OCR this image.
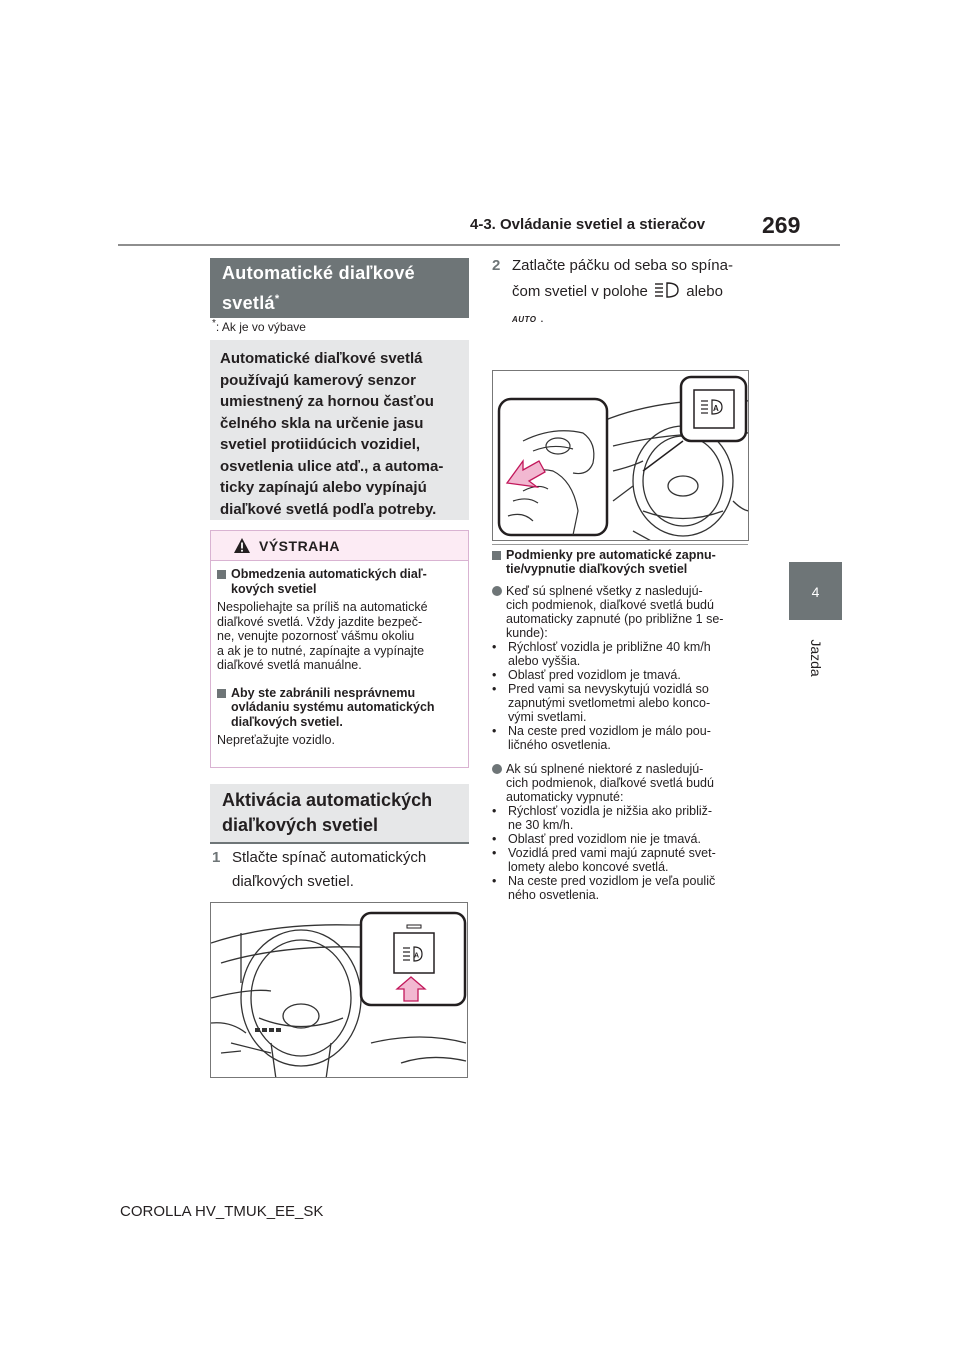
4-3. Ovládanie svetiel a stieračov 269
4
Jazda
Automatické diaľkové svetlá*
*: Ak je vo výbave
Automatické diaľkové svetlá
používajú kamerový senzor
umiestnený za hornou časťou
čelného skla na určenie jasu
svetiel protiidúcich vozidiel,
osvetlenia ulice atď., a automa-
ticky zapínajú alebo vypínajú
diaľkové svetlá podľa potreby.
VÝSTRAHA
Obmedzenia automatických diaľ-
kových svetiel
Nespoliehajte sa príliš na automatické
diaľkové svetlá. Vždy jazdite bezpeč-
ne, venujte pozornosť vášmu okoliu
a ak je to nutné, zapínajte a vypínajte
diaľkové svetlá manuálne.
Aby ste zabránili nesprávnemu
ovládaniu systému automatických
diaľkových svetiel.
Nepreťažujte vozidlo.
Aktivácia automatických
diaľkových svetiel
1 Stlačte spínač automatických
diaľkových svetiel.
A
2 Zatlačte páčku od seba so spína-
čom svetiel v polohe	alebo
AUTO .
A
Podmienky pre automatické zapnu-
tie/vypnutie diaľkových svetiel
Keď sú splnené všetky z nasledujú-
cich podmienok, diaľkové svetlá budú
automaticky zapnuté (po približne 1 se-
kunde):
• Rýchlosť vozidla je približne 40 km/h
alebo vyššia.
• Oblasť pred vozidlom je tmavá.
• Pred vami sa nevyskytujú vozidlá so
zapnutými svetlometmi alebo konco-
vými svetlami.
• Na ceste pred vozidlom je málo pou-
ličného osvetlenia.
Ak sú splnené niektoré z nasledujú-
cich podmienok, diaľkové svetlá budú
automaticky vypnuté:
• Rýchlosť vozidla je nižšia ako približ-
ne 30 km/h.
• Oblasť pred vozidlom nie je tmavá.
• Vozidlá pred vami majú zapnuté svet-
lomety alebo koncové svetlá.
• Na ceste pred vozidlom je veľa poulič
ného osvetlenia.
COROLLA HV_TMUK_EE_SK
